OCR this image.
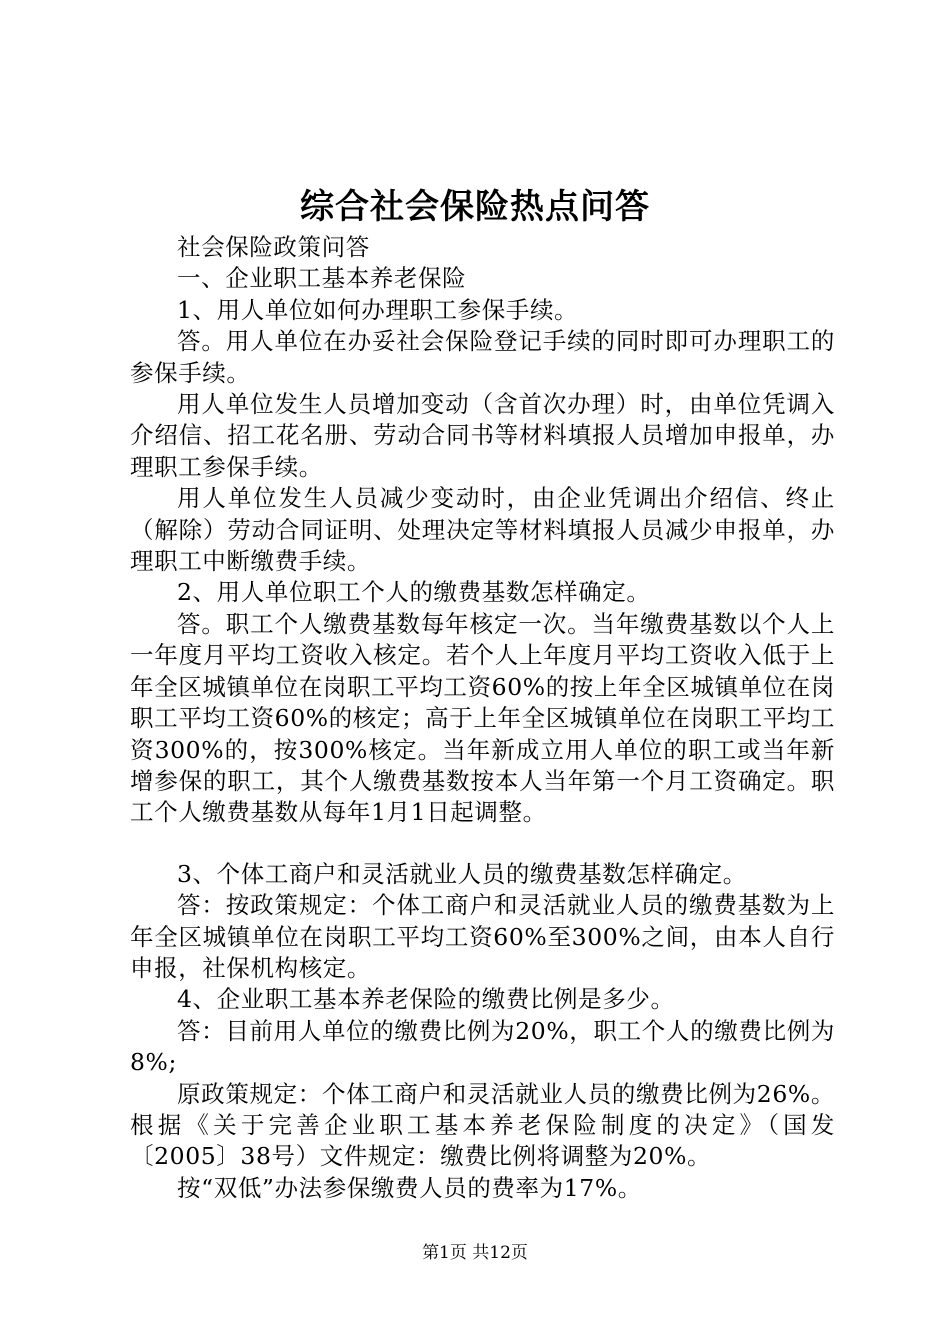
综合社会保险热点问答

社会保险政策问答

一、企业职工基本养老保险

1、用人单位如何办理职工参保手续。

答。用人单位在办妥社会保险登记手续的同时即可办理职工的参保手续。

用人单位发生人员增加变动（含首次办理）时，由单位凭调入介绍信、招工花名册、劳动合同书等材料填报人员增加申报单，办理职工参保手续。

用人单位发生人员减少变动时，由企业凭调出介绍信、终止（解除）劳动合同证明、处理决定等材料填报人员减少申报单，办理职工中断缴费手续。

2、用人单位职工个人的缴费基数怎样确定。

答。职工个人缴费基数每年核定一次。当年缴费基数以个人上一年度月平均工资收入核定。若个人上年度月平均工资收入低于上年全区城镇单位在岗职工平均工资60%的按上年全区城镇单位在岗职工平均工资60%的核定；高于上年全区城镇单位在岗职工平均工资300%的，按300%核定。当年新成立用人单位的职工或当年新增参保的职工，其个人缴费基数按本人当年第一个月工资确定。职工个人缴费基数从每年1月1日起调整。

3、个体工商户和灵活就业人员的缴费基数怎样确定。

答：按政策规定：个体工商户和灵活就业人员的缴费基数为上年全区城镇单位在岗职工平均工资60%至300%之间，由本人自行申报，社保机构核定。

4、企业职工基本养老保险的缴费比例是多少。

答：目前用人单位的缴费比例为20%，职工个人的缴费比例为8%;

原政策规定：个体工商户和灵活就业人员的缴费比例为26%。根据《关于完善企业职工基本养老保险制度的决定》（国发〔2005〕38号）文件规定：缴费比例将调整为20%。

按“双低”办法参保缴费人员的费率为17%。

第1页 共12页
